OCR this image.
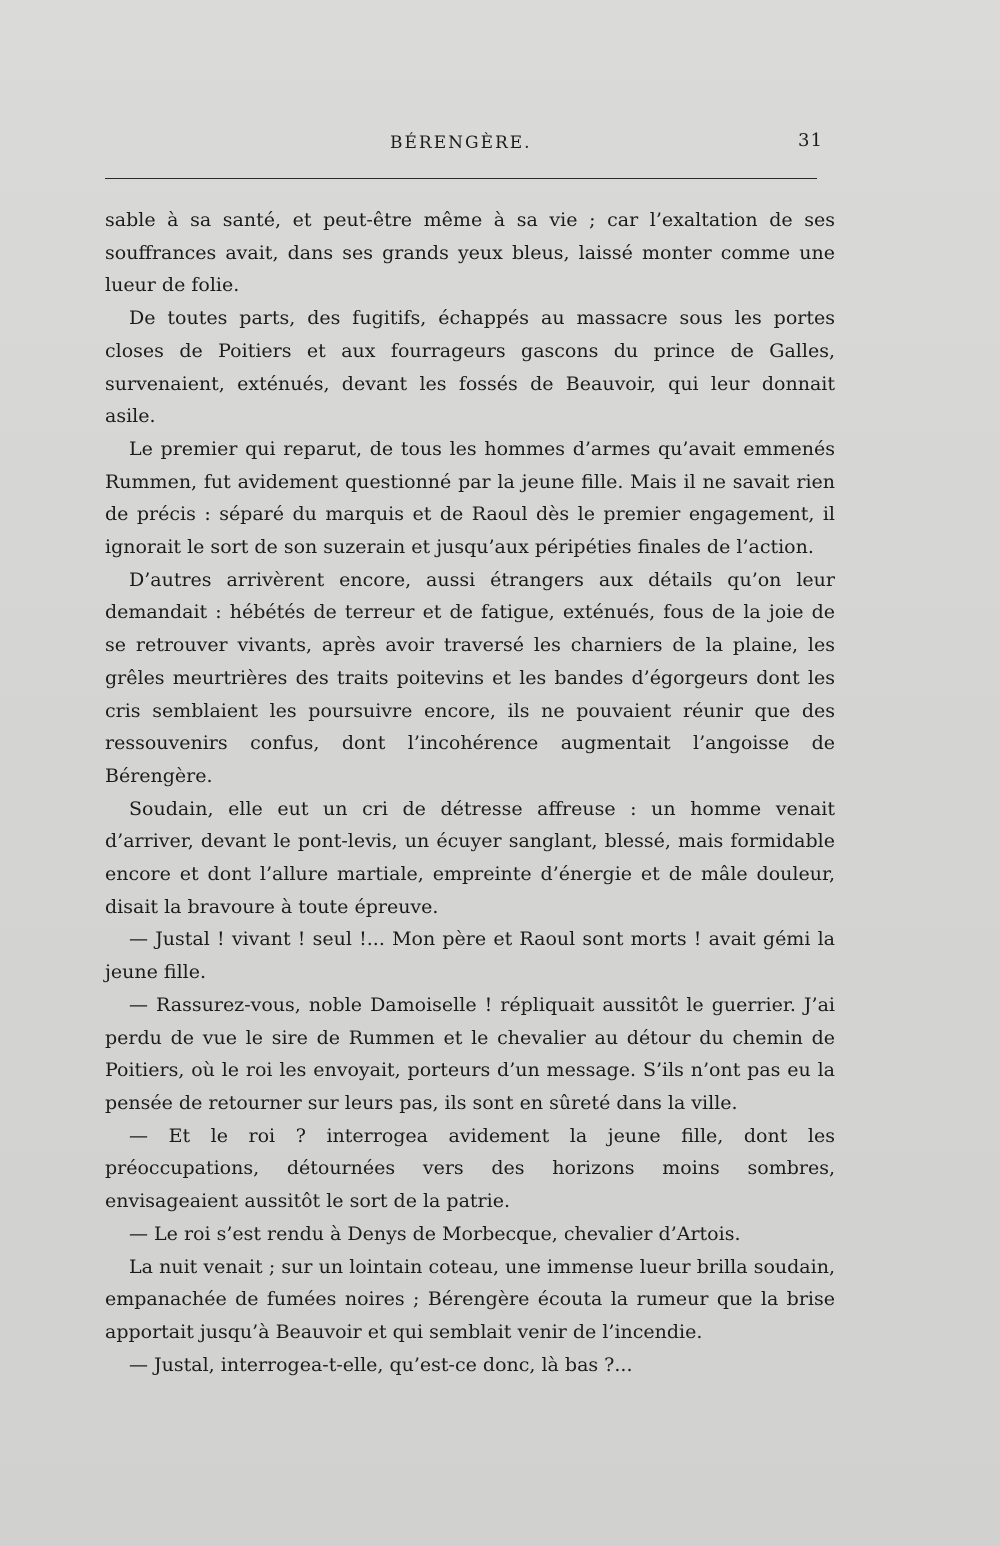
BÉRENGÈRE.	31

sable à sa santé, et peut-être même à sa vie ; car l’exaltation de ses souffrances avait, dans ses grands yeux bleus, laissé monter comme une lueur de folie.

De toutes parts, des fugitifs, échappés au massacre sous les portes closes de Poitiers et aux fourrageurs gascons du prince de Galles, survenaient, exténués, devant les fossés de Beauvoir, qui leur donnait asile.

Le premier qui reparut, de tous les hommes d’armes qu’avait emmenés Rummen, fut avidement questionné par la jeune fille. Mais il ne savait rien de précis : séparé du marquis et de Raoul dès le premier engagement, il ignorait le sort de son suzerain et jusqu’aux péripéties finales de l’action.

D’autres arrivèrent encore, aussi étrangers aux détails qu’on leur demandait : hébétés de terreur et de fatigue, exténués, fous de la joie de se retrouver vivants, après avoir traversé les charniers de la plaine, les grêles meurtrières des traits poitevins et les bandes d’égorgeurs dont les cris semblaient les poursuivre encore, ils ne pouvaient réunir que des ressouvenirs confus, dont l’incohérence augmentait l’angoisse de Bérengère.

Soudain, elle eut un cri de détresse affreuse : un homme venait d’arriver, devant le pont-levis, un écuyer sanglant, blessé, mais formidable encore et dont l’allure martiale, empreinte d’énergie et de mâle douleur, disait la bravoure à toute épreuve.

— Justal ! vivant ! seul !... Mon père et Raoul sont morts ! avait gémi la jeune fille.

— Rassurez-vous, noble Damoiselle ! répliquait aussitôt le guerrier. J’ai perdu de vue le sire de Rummen et le chevalier au détour du chemin de Poitiers, où le roi les envoyait, porteurs d’un message. S’ils n’ont pas eu la pensée de retourner sur leurs pas, ils sont en sûreté dans la ville.

— Et le roi ? interrogea avidement la jeune fille, dont les préoccupations, détournées vers des horizons moins sombres, envisageaient aussitôt le sort de la patrie.

— Le roi s’est rendu à Denys de Morbecque, chevalier d’Artois.

La nuit venait ; sur un lointain coteau, une immense lueur brilla soudain, empanachée de fumées noires ; Bérengère écouta la rumeur que la brise apportait jusqu’à Beauvoir et qui semblait venir de l’incendie.

— Justal, interrogea-t-elle, qu’est-ce donc, là bas ?...
